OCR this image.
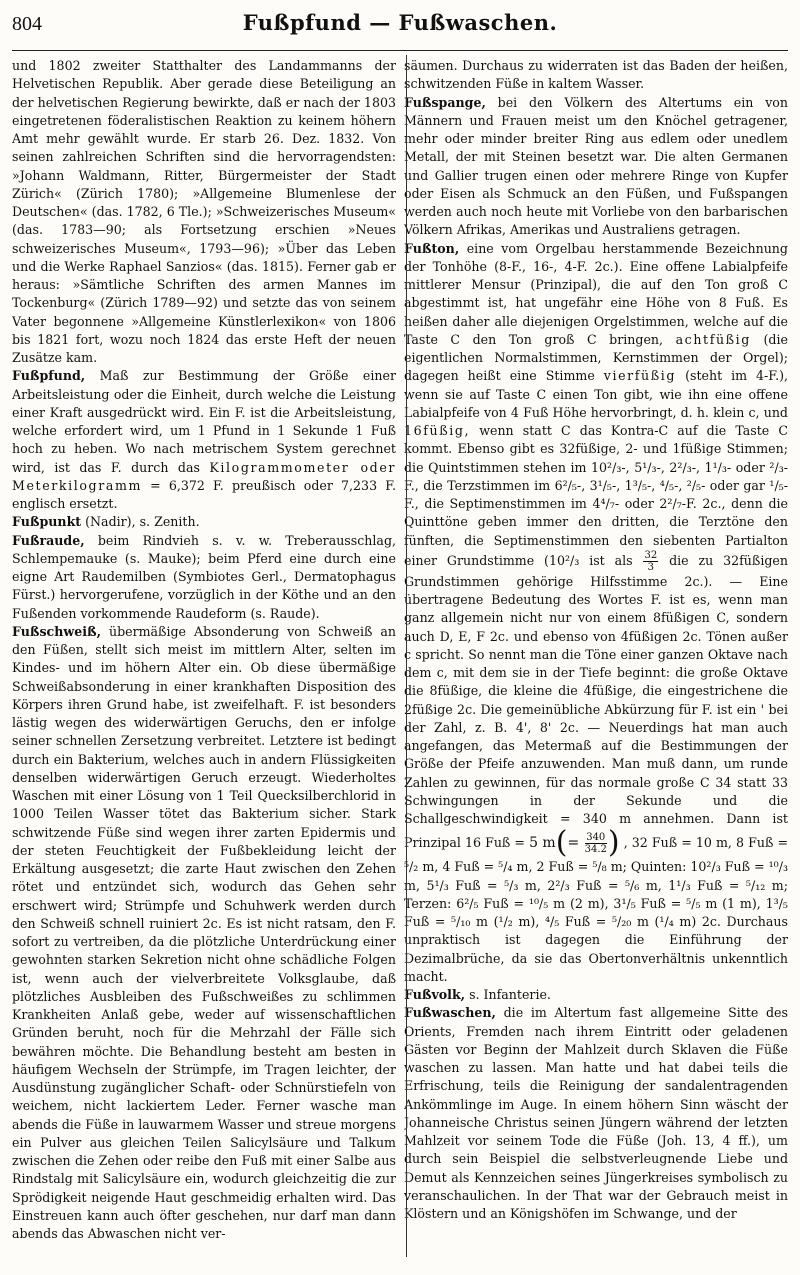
804	Fußpfund — Fußwaschen.

und 1802 zweiter Statthalter des Landammanns der Helvetischen Republik. Aber gerade diese Beteiligung an der helvetischen Regierung bewirkte, daß er nach der 1803 eingetretenen föderalistischen Reaktion zu keinem höhern Amt mehr gewählt wurde. Er starb 26. Dez. 1832. Von seinen zahlreichen Schriften sind die hervorragendsten: »Johann Waldmann, Ritter, Bürgermeister der Stadt Zürich« (Zürich 1780); »Allgemeine Blumenlese der Deutschen« (das. 1782, 6 Tle.); »Schweizerisches Museum« (das. 1783—90; als Fortsetzung erschien »Neues schweizerisches Museum«, 1793—96); »Über das Leben und die Werke Raphael Sanzios« (das. 1815). Ferner gab er heraus: »Sämtliche Schriften des armen Mannes im Tockenburg« (Zürich 1789—92) und setzte das von seinem Vater begonnene »Allgemeine Künstlerlexikon« von 1806 bis 1821 fort, wozu noch 1824 das erste Heft der neuen Zusätze kam.

Fußpfund, Maß zur Bestimmung der Größe einer Arbeitsleistung oder die Einheit, durch welche die Leistung einer Kraft ausgedrückt wird. Ein F. ist die Arbeitsleistung, welche erfordert wird, um 1 Pfund in 1 Sekunde 1 Fuß hoch zu heben. Wo nach metrischem System gerechnet wird, ist das F. durch das Kilogrammometer oder Meterkilogramm = 6,372 F. preußisch oder 7,233 F. englisch ersetzt.

Fußpunkt (Nadir), s. Zenith.

Fußraude, beim Rindvieh s. v. w. Treberausschlag, Schlempemauke (s. Mauke); beim Pferd eine durch eine eigne Art Raudemilben (Symbiotes Gerl., Dermatophagus Fürst.) hervorgerufene, vorzüglich in der Köthe und an den Fußenden vorkommende Raudeform (s. Raude).

Fußschweiß, übermäßige Absonderung von Schweiß an den Füßen, stellt sich meist im mittlern Alter, selten im Kindes- und im höhern Alter ein. Ob diese übermäßige Schweißabsonderung in einer krankhaften Disposition des Körpers ihren Grund habe, ist zweifelhaft. F. ist besonders lästig wegen des widerwärtigen Geruchs, den er infolge seiner schnellen Zersetzung verbreitet. Letztere ist bedingt durch ein Bakterium, welches auch in andern Flüssigkeiten denselben widerwärtigen Geruch erzeugt. Wiederholtes Waschen mit einer Lösung von 1 Teil Quecksilberchlorid in 1000 Teilen Wasser tötet das Bakterium sicher. Stark schwitzende Füße sind wegen ihrer zarten Epidermis und der steten Feuchtigkeit der Fußbekleidung leicht der Erkältung ausgesetzt; die zarte Haut zwischen den Zehen rötet und entzündet sich, wodurch das Gehen sehr erschwert wird; Strümpfe und Schuhwerk werden durch den Schweiß schnell ruiniert 2c. Es ist nicht ratsam, den F. sofort zu vertreiben, da die plötzliche Unterdrückung einer gewohnten starken Sekretion nicht ohne schädliche Folgen ist, wenn auch der vielverbreitete Volksglaube, daß plötzliches Ausbleiben des Fußschweißes zu schlimmen Krankheiten Anlaß gebe, weder auf wissenschaftlichen Gründen beruht, noch für die Mehrzahl der Fälle sich bewähren möchte. Die Behandlung besteht am besten in häufigem Wechseln der Strümpfe, im Tragen leichter, der Ausdünstung zugänglicher Schaft- oder Schnürstiefeln von weichem, nicht lackiertem Leder. Ferner wasche man abends die Füße in lauwarmem Wasser und streue morgens ein Pulver aus gleichen Teilen Salicylsäure und Talkum zwischen die Zehen oder reibe den Fuß mit einer Salbe aus Rindstalg mit Salicylsäure ein, wodurch gleichzeitig die zur Sprödigkeit neigende Haut geschmeidig erhalten wird. Das Einstreuen kann auch öfter geschehen, nur darf man dann abends das Abwaschen nicht ver-

säumen. Durchaus zu widerraten ist das Baden der heißen, schwitzenden Füße in kaltem Wasser.

Fußspange, bei den Völkern des Altertums ein von Männern und Frauen meist um den Knöchel getragener, mehr oder minder breiter Ring aus edlem oder unedlem Metall, der mit Steinen besetzt war. Die alten Germanen und Gallier trugen einen oder mehrere Ringe von Kupfer oder Eisen als Schmuck an den Füßen, und Fußspangen werden auch noch heute mit Vorliebe von den barbarischen Völkern Afrikas, Amerikas und Australiens getragen.

Fußton, eine vom Orgelbau herstammende Bezeichnung der Tonhöhe (8-F., 16-, 4-F. 2c.). Eine offene Labialpfeife mittlerer Mensur (Prinzipal), die auf den Ton groß C abgestimmt ist, hat ungefähr eine Höhe von 8 Fuß. Es heißen daher alle diejenigen Orgelstimmen, welche auf die Taste C den Ton groß C bringen, achtfüßig (die eigentlichen Normalstimmen, Kernstimmen der Orgel); dagegen heißt eine Stimme vierfüßig (steht im 4-F.), wenn sie auf Taste C einen Ton gibt, wie ihn eine offene Labialpfeife von 4 Fuß Höhe hervorbringt, d. h. klein c, und 16füßig, wenn statt C das Kontra-C auf die Taste C kommt. Ebenso gibt es 32füßige, 2- und 1füßige Stimmen; die Quintstimmen stehen im 10²/₃-, 5¹/₃-, 2²/₃-, 1¹/₃- oder ²/₃-F., die Terzstimmen im 6²/₅-, 3¹/₅-, 1³/₅-, ⁴/₅-, ²/₅- oder gar ¹/₅-F., die Septimenstimmen im 4⁴/₇- oder 2²/₇-F. 2c., denn die Quinttöne geben immer den dritten, die Terztöne den fünften, die Septimenstimmen den siebenten Partialton einer Grundstimme (10²/₃ ist als $\frac{32}{3}$ die zu 32füßigen Grundstimmen gehörige Hilfsstimme 2c.). — Eine übertragene Bedeutung des Wortes F. ist es, wenn man ganz allgemein nicht nur von einem 8füßigen C, sondern auch D, E, F 2c. und ebenso von 4füßigen 2c. Tönen außer c spricht. So nennt man die Töne einer ganzen Oktave nach dem c, mit dem sie in der Tiefe beginnt: die große Oktave die 8füßige, die kleine die 4füßige, die eingestrichene die 2füßige 2c. Die gemeinübliche Abkürzung für F. ist ein ' bei der Zahl, z. B. 4', 8' 2c. — Neuerdings hat man auch angefangen, das Metermaß auf die Bestimmungen der Größe der Pfeife anzuwenden. Man muß dann, um runde Zahlen zu gewinnen, für das normale große C 34 statt 33 Schwingungen in der Sekunde und die Schallgeschwindigkeit = 340 m annehmen. Dann ist Prinzipal 16 Fuß = 5 m ( = $\frac{340}{34.2}$ ) , 32 Fuß = 10 m, 8 Fuß = ⁵/₂ m, 4 Fuß = ⁵/₄ m, 2 Fuß = ⁵/₈ m; Quinten: 10²/₃ Fuß = ¹⁰/₃ m, 5¹/₃ Fuß = ⁵/₃ m, 2²/₃ Fuß = ⁵/₆ m, 1¹/₃ Fuß = ⁵/₁₂ m; Terzen: 6²/₅ Fuß = ¹⁰/₅ m (2 m), 3¹/₅ Fuß = ⁵/₅ m (1 m), 1³/₅ Fuß = ⁵/₁₀ m (¹/₂ m), ⁴/₅ Fuß = ⁵/₂₀ m (¹/₄ m) 2c. Durchaus unpraktisch ist dagegen die Einführung der Dezimalbrüche, da sie das Obertonverhältnis unkenntlich macht.

Fußvolk, s. Infanterie.

Fußwaschen, die im Altertum fast allgemeine Sitte des Orients, Fremden nach ihrem Eintritt oder geladenen Gästen vor Beginn der Mahlzeit durch Sklaven die Füße waschen zu lassen. Man hatte und hat dabei teils die Erfrischung, teils die Reinigung der sandalentragenden Ankömmlinge im Auge. In einem höhern Sinn wäscht der Johanneische Christus seinen Jüngern während der letzten Mahlzeit vor seinem Tode die Füße (Joh. 13, 4 ff.), um durch sein Beispiel die selbstverleugnende Liebe und Demut als Kennzeichen seines Jüngerkreises symbolisch zu veranschaulichen. In der That war der Gebrauch meist in Klöstern und an Königshöfen im Schwange, und der
